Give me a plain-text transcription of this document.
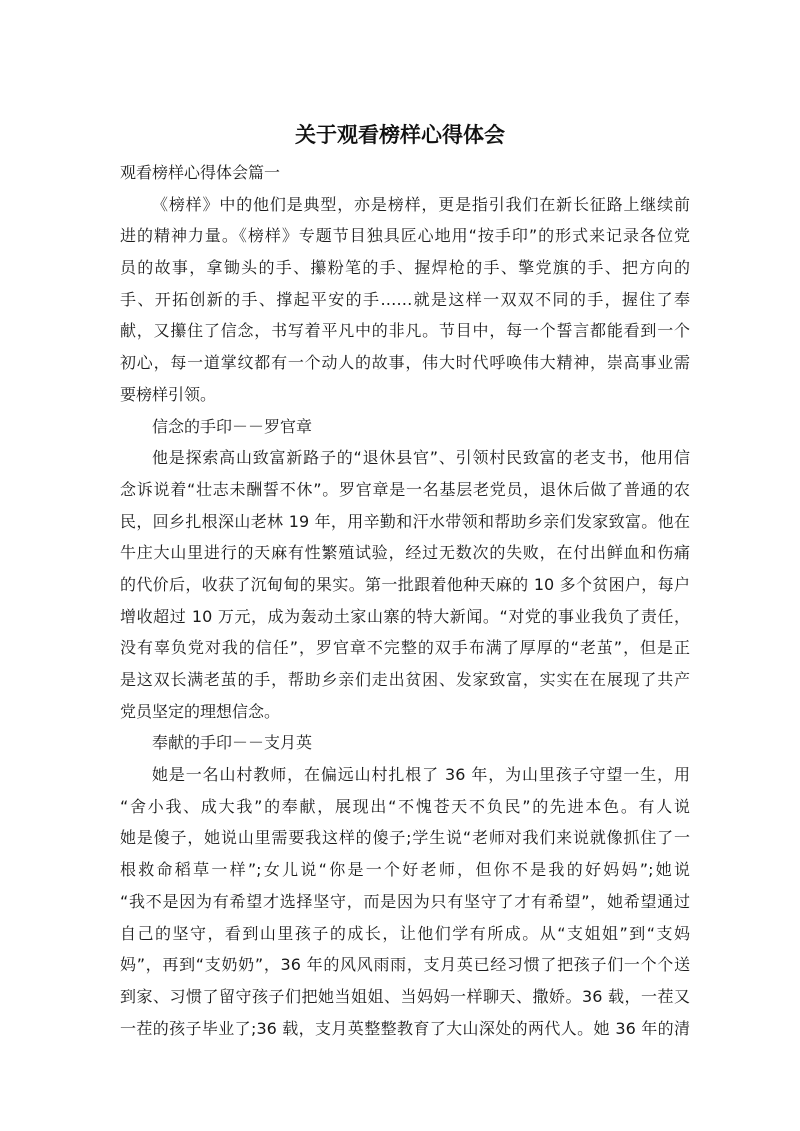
关于观看榜样心得体会
观看榜样心得体会篇一
《榜样》中的他们是典型，亦是榜样，更是指引我们在新长征路上继续前
进的精神力量。《榜样》专题节目独具匠心地用“按手印”的形式来记录各位党
员的故事，拿锄头的手、攥粉笔的手、握焊枪的手、擎党旗的手、把方向的
手、开拓创新的手、撑起平安的手……就是这样一双双不同的手，握住了奉
献，又攥住了信念，书写着平凡中的非凡。节目中，每一个誓言都能看到一个
初心，每一道掌纹都有一个动人的故事，伟大时代呼唤伟大精神，崇高事业需
要榜样引领。
信念的手印－－罗官章
他是探索高山致富新路子的“退休县官”、引领村民致富的老支书，他用信
念诉说着“壮志未酬誓不休”。罗官章是一名基层老党员，退休后做了普通的农
民，回乡扎根深山老林 19 年，用辛勤和汗水带领和帮助乡亲们发家致富。他在
牛庄大山里进行的天麻有性繁殖试验，经过无数次的失败，在付出鲜血和伤痛
的代价后，收获了沉甸甸的果实。第一批跟着他种天麻的 10 多个贫困户，每户
增收超过 10 万元，成为轰动土家山寨的特大新闻。“对党的事业我负了责任，
没有辜负党对我的信任”，罗官章不完整的双手布满了厚厚的“老茧”，但是正
是这双长满老茧的手，帮助乡亲们走出贫困、发家致富，实实在在展现了共产
党员坚定的理想信念。
奉献的手印－－支月英
她是一名山村教师，在偏远山村扎根了 36 年，为山里孩子守望一生，用
“舍小我、成大我”的奉献，展现出“不愧苍天不负民”的先进本色。有人说
她是傻子，她说山里需要我这样的傻子;学生说“老师对我们来说就像抓住了一
根救命稻草一样”;女儿说“你是一个好老师，但你不是我的好妈妈”;她说
“我不是因为有希望才选择坚守，而是因为只有坚守了才有希望”，她希望通过
自己的坚守，看到山里孩子的成长，让他们学有所成。从“支姐姐”到“支妈
妈”，再到“支奶奶”，36 年的风风雨雨，支月英已经习惯了把孩子们一个个送
到家、习惯了留守孩子们把她当姐姐、当妈妈一样聊天、撒娇。36 载，一茬又
一茬的孩子毕业了;36 载，支月英整整教育了大山深处的两代人。她 36 年的清
